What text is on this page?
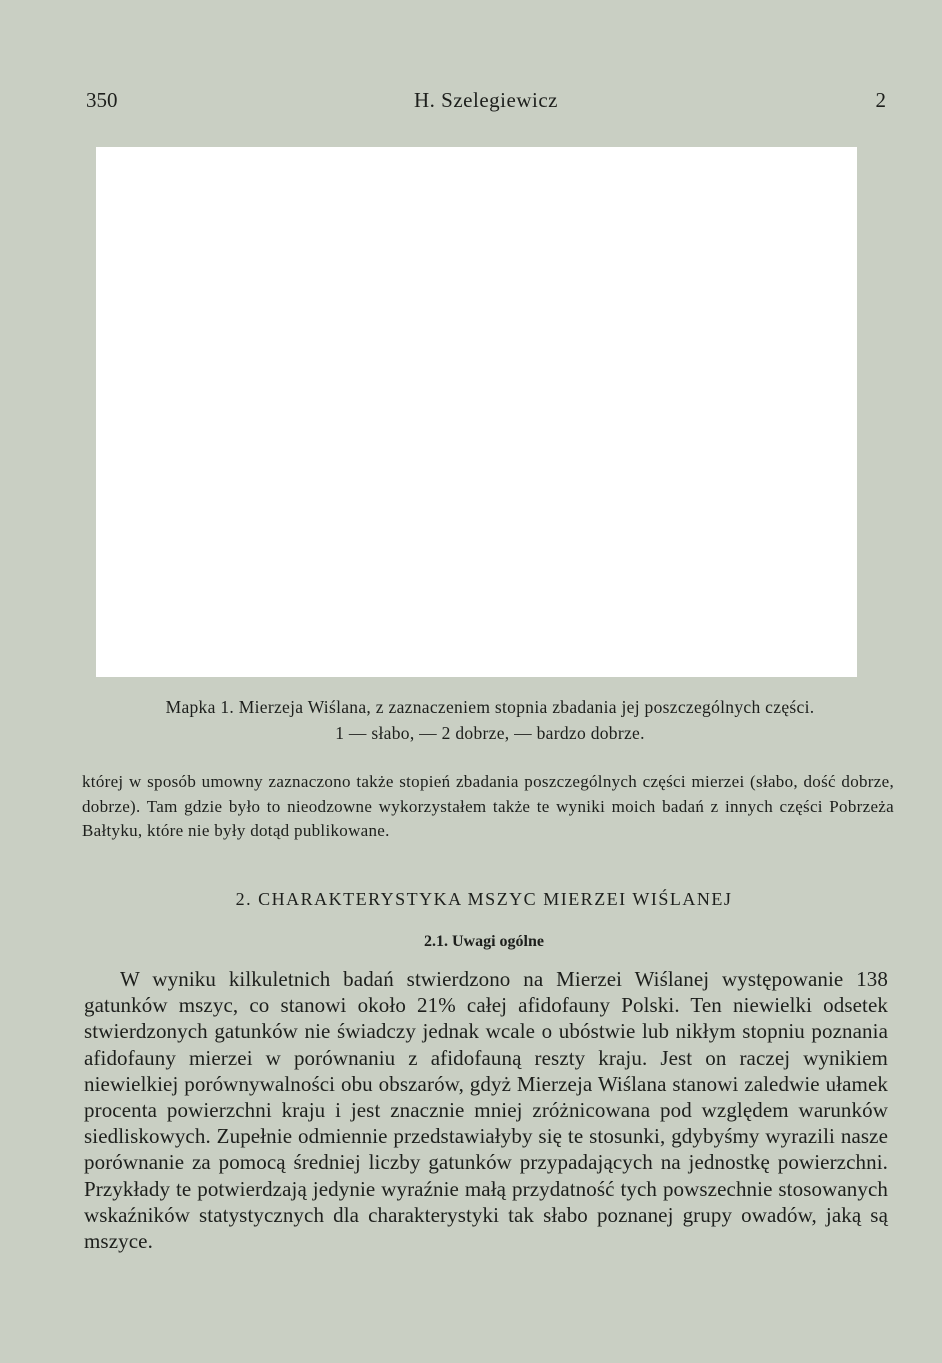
350	H. Szelegiewicz	2
Mapka 1. Mierzeja Wiślana, z zaznaczeniem stopnia zbadania jej poszczególnych części.
1 — słabo, — 2 dobrze, — bardzo dobrze.
której w sposób umowny zaznaczono także stopień zbadania poszczególnych części mierzei (słabo, dość dobrze, dobrze). Tam gdzie było to nieodzowne wykorzystałem także te wyniki moich badań z innych części Pobrzeża Bałtyku, które nie były dotąd publikowane.
2. CHARAKTERYSTYKA MSZYC MIERZEI WIŚLANEJ
2.1. Uwagi ogólne
W wyniku kilkuletnich badań stwierdzono na Mierzei Wiślanej występowanie 138 gatunków mszyc, co stanowi około 21% całej afidofauny Polski. Ten niewielki odsetek stwierdzonych gatunków nie świadczy jednak wcale o ubóstwie lub nikłym stopniu poznania afidofauny mierzei w porównaniu z afidofauną reszty kraju. Jest on raczej wynikiem niewielkiej porównywalności obu obszarów, gdyż Mierzeja Wiślana stanowi zaledwie ułamek procenta powierzchni kraju i jest znacznie mniej zróżnicowana pod względem warunków siedliskowych. Zupełnie odmiennie przedstawiałyby się te stosunki, gdybyśmy wyrazili nasze porównanie za pomocą średniej liczby gatunków przypadających na jednostkę powierzchni. Przykłady te potwierdzają jedynie wyraźnie małą przydatność tych powszechnie stosowanych wskaźników statystycznych dla charakterystyki tak słabo poznanej grupy owadów, jaką są mszyce.
